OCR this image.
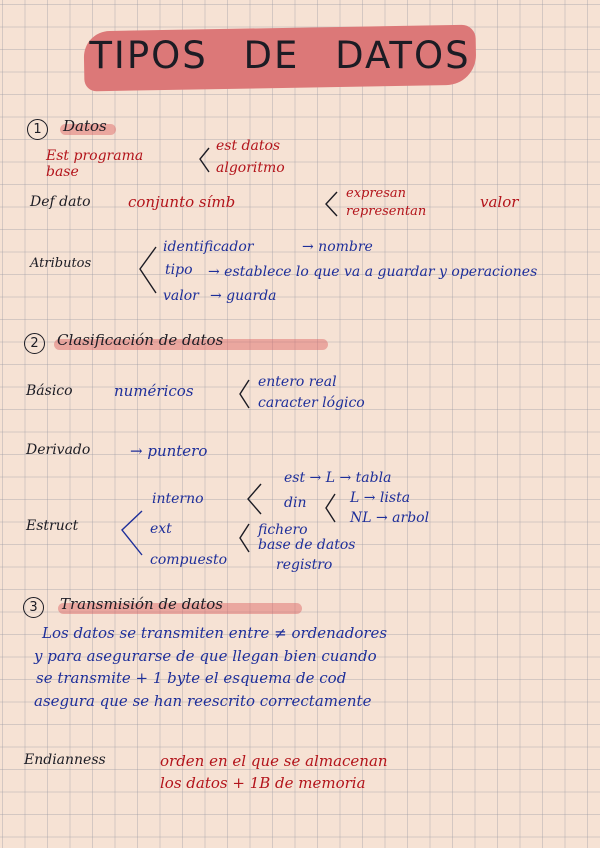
TIPOS DE DATOS
1	Datos
Est programa base
est datos
algoritmo
Def dato conjunto símb	expresan
representan
valor
Atributos
identificador	→ nombre
tipo → establece lo que va a guardar y operaciones
valor → guarda
2	Clasificación de datos
Básico	numéricos	entero real
caracter lógico
Derivado	→ puntero
Estruct
interno
est → L → tabla
din	L → lista
NL → arbol
ext	fichero
base de datos
compuesto	registro
3	Transmisión de datos
Los datos se transmiten entre ≠ ordenadores
y para asegurarse de que llegan bien cuando
se transmite + 1 byte el esquema de cod
asegura que se han reescrito correctamente
Endianness	orden en el que se almacenan
los datos + 1B de memoria
